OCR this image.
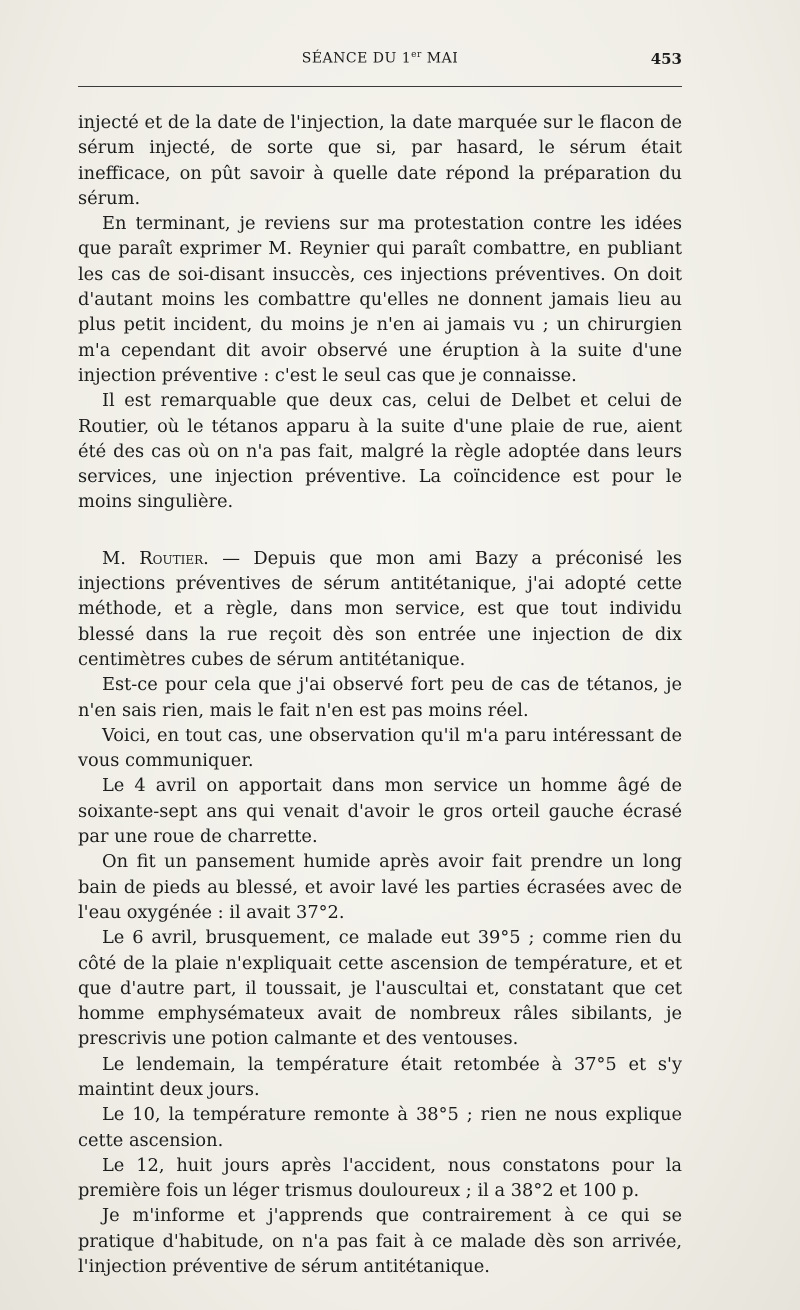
SÉANCE DU 1er MAI	453

injecté et de la date de l'injection, la date marquée sur le flacon de sérum injecté, de sorte que si, par hasard, le sérum était inefficace, on pût savoir à quelle date répond la préparation du sérum.

En terminant, je reviens sur ma protestation contre les idées que paraît exprimer M. Reynier qui paraît combattre, en publiant les cas de soi-disant insuccès, ces injections préventives. On doit d'autant moins les combattre qu'elles ne donnent jamais lieu au plus petit incident, du moins je n'en ai jamais vu ; un chirurgien m'a cependant dit avoir observé une éruption à la suite d'une injection préventive : c'est le seul cas que je connaisse.

Il est remarquable que deux cas, celui de Delbet et celui de Routier, où le tétanos apparu à la suite d'une plaie de rue, aient été des cas où on n'a pas fait, malgré la règle adoptée dans leurs services, une injection préventive. La coïncidence est pour le moins singulière.

M. Routier. — Depuis que mon ami Bazy a préconisé les injections préventives de sérum antitétanique, j'ai adopté cette méthode, et a règle, dans mon service, est que tout individu blessé dans la rue reçoit dès son entrée une injection de dix centimètres cubes de sérum antitétanique.

Est-ce pour cela que j'ai observé fort peu de cas de tétanos, je n'en sais rien, mais le fait n'en est pas moins réel.

Voici, en tout cas, une observation qu'il m'a paru intéressant de vous communiquer.

Le 4 avril on apportait dans mon service un homme âgé de soixante-sept ans qui venait d'avoir le gros orteil gauche écrasé par une roue de charrette.

On fit un pansement humide après avoir fait prendre un long bain de pieds au blessé, et avoir lavé les parties écrasées avec de l'eau oxygénée : il avait 37°2.

Le 6 avril, brusquement, ce malade eut 39°5 ; comme rien du côté de la plaie n'expliquait cette ascension de température, et et que d'autre part, il toussait, je l'auscultai et, constatant que cet homme emphysémateux avait de nombreux râles sibilants, je prescrivis une potion calmante et des ventouses.

Le lendemain, la température était retombée à 37°5 et s'y maintint deux jours.

Le 10, la température remonte à 38°5 ; rien ne nous explique cette ascension.

Le 12, huit jours après l'accident, nous constatons pour la première fois un léger trismus douloureux ; il a 38°2 et 100 p.

Je m'informe et j'apprends que contrairement à ce qui se pratique d'habitude, on n'a pas fait à ce malade dès son arrivée, l'injection préventive de sérum antitétanique.
